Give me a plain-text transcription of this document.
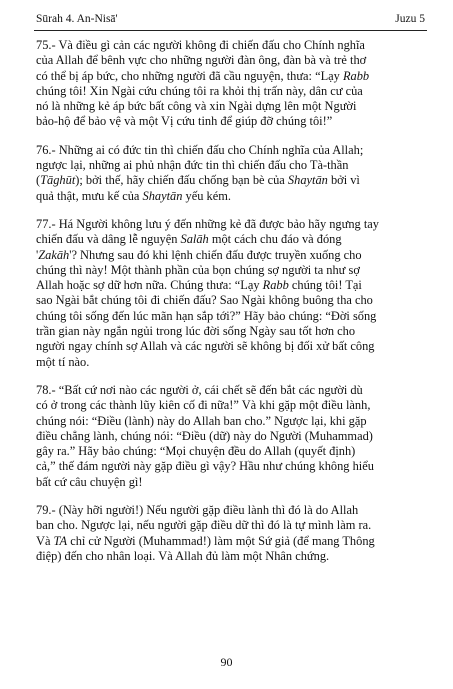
Sūrah 4. An-Nisā'	Juzu 5
75.- Và điều gì cản các người không đi chiến đấu cho Chính nghĩa
của Allah để bênh vực cho những người đàn ông, đàn bà và trẻ thơ
có thể bị áp bức, cho những người đã cầu nguyện, thưa: “Lạy Rabb
chúng tôi! Xin Ngài cứu chúng tôi ra khỏi thị trấn này, dân cư của
nó là những kẻ áp bức bất công và xin Ngài dựng lên một Người
bảo-hộ để bảo vệ và một Vị cứu tinh để giúp đỡ chúng tôi!”
76.- Những ai có đức tin thì chiến đấu cho Chính nghĩa của Allah;
ngược lại, những ai phủ nhận đức tin thì chiến đấu cho Tà-thần
(Tāghūt); bởi thế, hãy chiến đấu chống bạn bè của Shaytān bởi vì
quả thật, mưu kế của Shaytān yếu kém.
77.- Há Người không lưu ý đến những kẻ đã được bảo hãy ngưng tay
chiến đấu và dâng lễ nguyện Salāh một cách chu đáo và đóng
'Zakāh'? Nhưng sau đó khi lệnh chiến đấu được truyền xuống cho
chúng thì này! Một thành phần của bọn chúng sợ người ta như sợ
Allah hoặc sợ dữ hơn nữa. Chúng thưa: “Lạy Rabb chúng tôi! Tại
sao Ngài bắt chúng tôi đi chiến đấu? Sao Ngài không buông tha cho
chúng tôi sống đến lúc mãn hạn sắp tới?” Hãy bảo chúng: “Đời sống
trần gian này ngắn ngủi trong lúc đời sống Ngày sau tốt hơn cho
người ngay chính sợ Allah và các người sẽ không bị đối xử bất công
một tí nào.
78.- “Bất cứ nơi nào các người ở, cái chết sẽ đến bắt các người dù
có ở trong các thành lũy kiên cố đi nữa!” Và khi gặp một điều lành,
chúng nói: “Điều (lành) này do Allah ban cho.” Ngược lại, khi gặp
điều chẳng lành, chúng nói: “Điều (dữ) này do Người (Muhammad)
gây ra.” Hãy bảo chúng: “Mọi chuyện đều do Allah (quyết định)
cả,” thế đám người này gặp điều gì vậy? Hầu như chúng không hiểu
bất cứ câu chuyện gì!
79.- (Này hỡi người!) Nếu người gặp điều lành thì đó là do Allah
ban cho. Ngược lại, nếu người gặp điều dữ thì đó là tự mình làm ra.
Và TA chỉ cử Người (Muhammad!) làm một Sứ giả (để mang Thông
điệp) đến cho nhân loại. Và Allah đủ làm một Nhân chứng.
90
